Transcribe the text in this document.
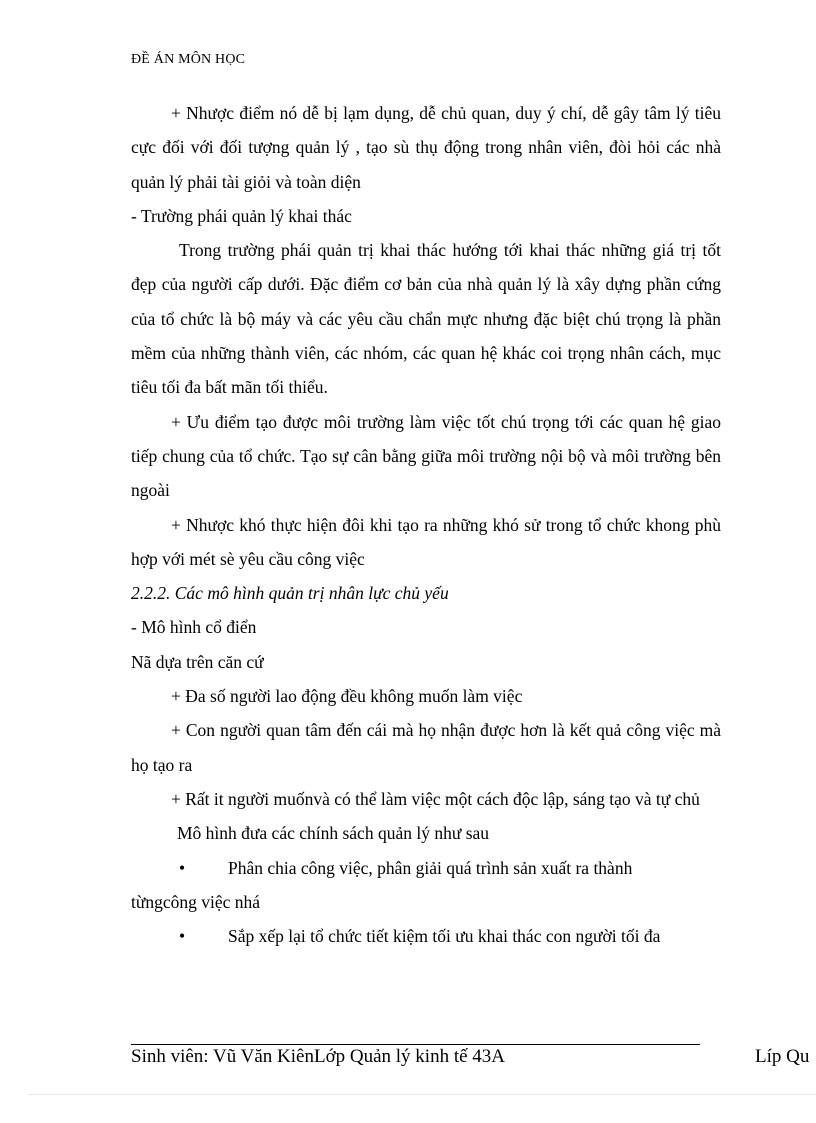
ĐỀ ÁN MÔN HỌC

+ Nhược điểm nó dễ bị lạm dụng, dễ chủ quan, duy ý chí, dễ gây tâm lý tiêu cực đối với đối tượng quản lý , tạo sù thụ động trong nhân viên, đòi hỏi các nhà quản lý phải tài giỏi và toàn diện

- Trường phái quản lý khai thác

Trong trường phái quản trị khai thác hướng tới khai thác những giá trị tốt đẹp của người cấp dưới. Đặc điểm cơ bản của nhà quản lý là xây dựng phần cứng của tổ chức là bộ máy và các yêu cầu chẩn mực nhưng đặc biệt chú trọng là phần mềm của những thành viên, các nhóm, các quan hệ khác coi trọng nhân cách, mục tiêu tối đa bất mãn tối thiểu.

+ Ưu điểm tạo được môi trường làm việc tốt chú trọng tới các quan hệ giao tiếp chung của tổ chức. Tạo sự cân bằng giữa môi trường nội bộ và môi trường bên ngoài

+ Nhược khó thực hiện đôi khi tạo ra những khó sử trong tổ chức khong phù hợp với mét sè yêu cầu công việc

2.2.2. Các mô hình quản trị nhân lực chủ yếu

- Mô hình cổ điển

Nã dựa trên căn cứ

+ Đa số người lao động đều không muốn làm việc

+ Con người quan tâm đến cái mà họ nhận được hơn là kết quả công việc mà họ tạo ra

+ Rất it người muốnvà có thể làm việc một cách độc lập, sáng tạo và tự chủ

Mô hình đưa các chính sách quản lý như sau

•	Phân chia công việc, phân giải quá trình sản xuất ra thành

từngcông việc nhá

•	Sắp xếp lại tổ chức tiết kiệm tối ưu khai thác con người tối đa
Sinh viên: Vũ Văn KiênLớp Quản lý kinh tế 43A	Líp Qu
